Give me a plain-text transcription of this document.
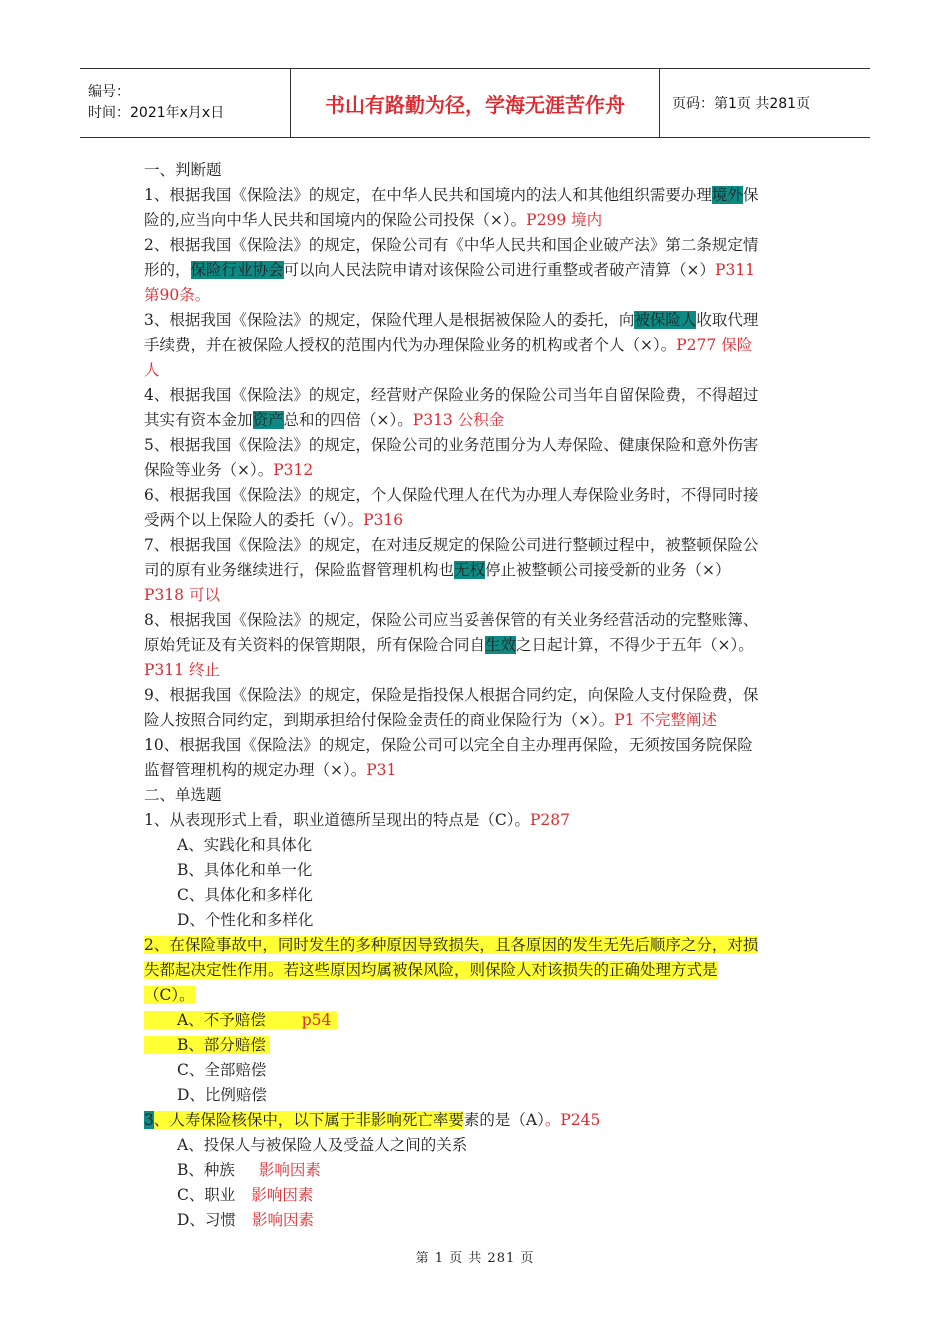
编号：
时间：2021年x月x日	书山有路勤为径，学海无涯苦作舟	页码：第1页 共281页
一、判断题
1、根据我国《保险法》的规定，在中华人民共和国境内的法人和其他组织需要办理境外保
险的,应当向中华人民共和国境内的保险公司投保（×）。P299 境内
2、根据我国《保险法》的规定，保险公司有《中华人民共和国企业破产法》第二条规定情
形的，保险行业协会可以向人民法院申请对该保险公司进行重整或者破产清算（×）P311
第90条。
3、根据我国《保险法》的规定，保险代理人是根据被保险人的委托，向被保险人收取代理
手续费，并在被保险人授权的范围内代为办理保险业务的机构或者个人（×）。P277 保险
人
4、根据我国《保险法》的规定，经营财产保险业务的保险公司当年自留保险费，不得超过
其实有资本金加资产总和的四倍（×）。P313 公积金
5、根据我国《保险法》的规定，保险公司的业务范围分为人寿保险、健康保险和意外伤害
保险等业务（×）。P312
6、根据我国《保险法》的规定，个人保险代理人在代为办理人寿保险业务时，不得同时接
受两个以上保险人的委托（√）。P316
7、根据我国《保险法》的规定，在对违反规定的保险公司进行整顿过程中，被整顿保险公
司的原有业务继续进行，保险监督管理机构也无权停止被整顿公司接受新的业务（×）
P318 可以
8、根据我国《保险法》的规定，保险公司应当妥善保管的有关业务经营活动的完整账簿、
原始凭证及有关资料的保管期限，所有保险合同自生效之日起计算，不得少于五年（×）。
P311 终止
9、根据我国《保险法》的规定，保险是指投保人根据合同约定，向保险人支付保险费，保
险人按照合同约定，到期承担给付保险金责任的商业保险行为（×）。P1 不完整阐述
10、根据我国《保险法》的规定，保险公司可以完全自主办理再保险，无须按国务院保险
监督管理机构的规定办理（×）。P31
二、单选题
1、从表现形式上看，职业道德所呈现出的特点是（C）。P287
A、实践化和具体化
B、具体化和单一化
C、具体化和多样化
D、个性化和多样化
2、在保险事故中，同时发生的多种原因导致损失，且各原因的发生无先后顺序之分，对损
失都起决定性作用。若这些原因均属被保风险，则保险人对该损失的正确处理方式是
（C）。
A、不予赔偿 p54
B、部分赔偿
C、全部赔偿
D、比例赔偿
3、人寿保险核保中，以下属于非影响死亡率要素的是（A）。P245
A、投保人与被保险人及受益人之间的关系
B、种族 影响因素
C、职业 影响因素
D、习惯 影响因素
第 1 页 共 281 页
